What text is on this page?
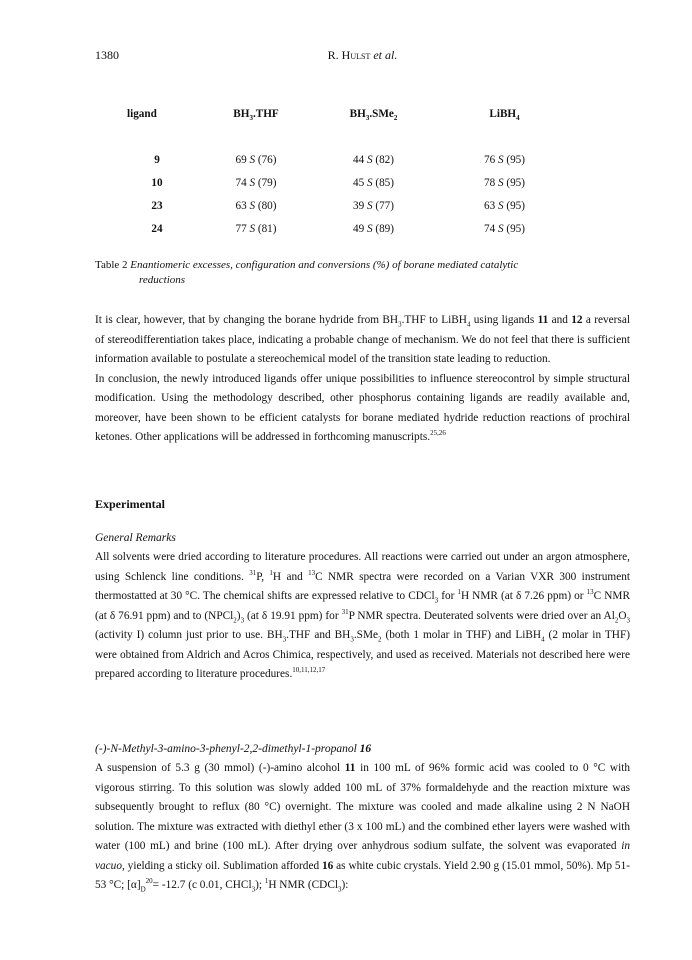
1380	R. Hulst et al.
ligand	$BH_3.THF$	$BH_3.SMe_2$	LiBH$_4$
9	69 S (76)	44 S (82)	76 S (95)
10	74 S (79)	45 S (85)	78 S (95)
23	63 S (80)	39 S (77)	63 S (95)
24	77 S (81)	49 S (89)	74 S (95)
Table 2 Enantiomeric excesses, configuration and conversions (%) of borane mediated catalytic
reductions

It is clear, however, that by changing the borane hydride from $BH_3.THF$ to LiBH$_4$ using ligands 11 and 12 a reversal of stereodifferentiation takes place, indicating a probable change of mechanism. We do not feel that there is sufficient information available to postulate a stereochemical model of the transition state leading to reduction.

In conclusion, the newly introduced ligands offer unique possibilities to influence stereocontrol by simple structural modification. Using the methodology described, other phosphorus containing ligands are readily available and, moreover, have been shown to be efficient catalysts for borane mediated hydride reduction reactions of prochiral ketones. Other applications will be addressed in forthcoming manuscripts.$^{25,26}$

Experimental
General Remarks

All solvents were dried according to literature procedures. All reactions were carried out under an argon atmosphere, using Schlenck line conditions. $^{31}$P, $^1$H and $^{13}$C NMR spectra were recorded on a Varian VXR 300 instrument thermostatted at 30 °C. The chemical shifts are expressed relative to CDCl$_3$ for $^1$H NMR (at δ 7.26 ppm) or $^{13}$C NMR (at δ 76.91 ppm) and to $(NPCl_2)_3$ (at δ 19.91 ppm) for $^{31}$P NMR spectra. Deuterated solvents were dried over an $Al_2O_3$ (activity I) column just prior to use. $BH_3.THF$ and $BH_3.SMe_2$ (both 1 molar in THF) and LiBH$_4$ (2 molar in THF) were obtained from Aldrich and Acros Chimica, respectively, and used as received. Materials not described here were prepared according to literature procedures.$^{10,11,12,17}$

(-)-N-Methyl-3-amino-3-phenyl-2,2-dimethyl-1-propanol 16

A suspension of 5.3 g (30 mmol) (-)-amino alcohol 11 in 100 mL of 96% formic acid was cooled to 0 °C with vigorous stirring. To this solution was slowly added 100 mL of 37% formaldehyde and the reaction mixture was subsequently brought to reflux (80 °C) overnight. The mixture was cooled and made alkaline using 2 N NaOH solution. The mixture was extracted with diethyl ether (3 x 100 mL) and the combined ether layers were washed with water (100 mL) and brine (100 mL). After drying over anhydrous sodium sulfate, the solvent was evaporated in vacuo, yielding a sticky oil. Sublimation afforded 16 as white cubic crystals. Yield 2.90 g (15.01 mmol, 50%). Mp 51-53 °C; $[\alpha]_D^{20}= -12.7$ (c 0.01, CHCl$_3$); $^1$H NMR (CDCl$_3$):
